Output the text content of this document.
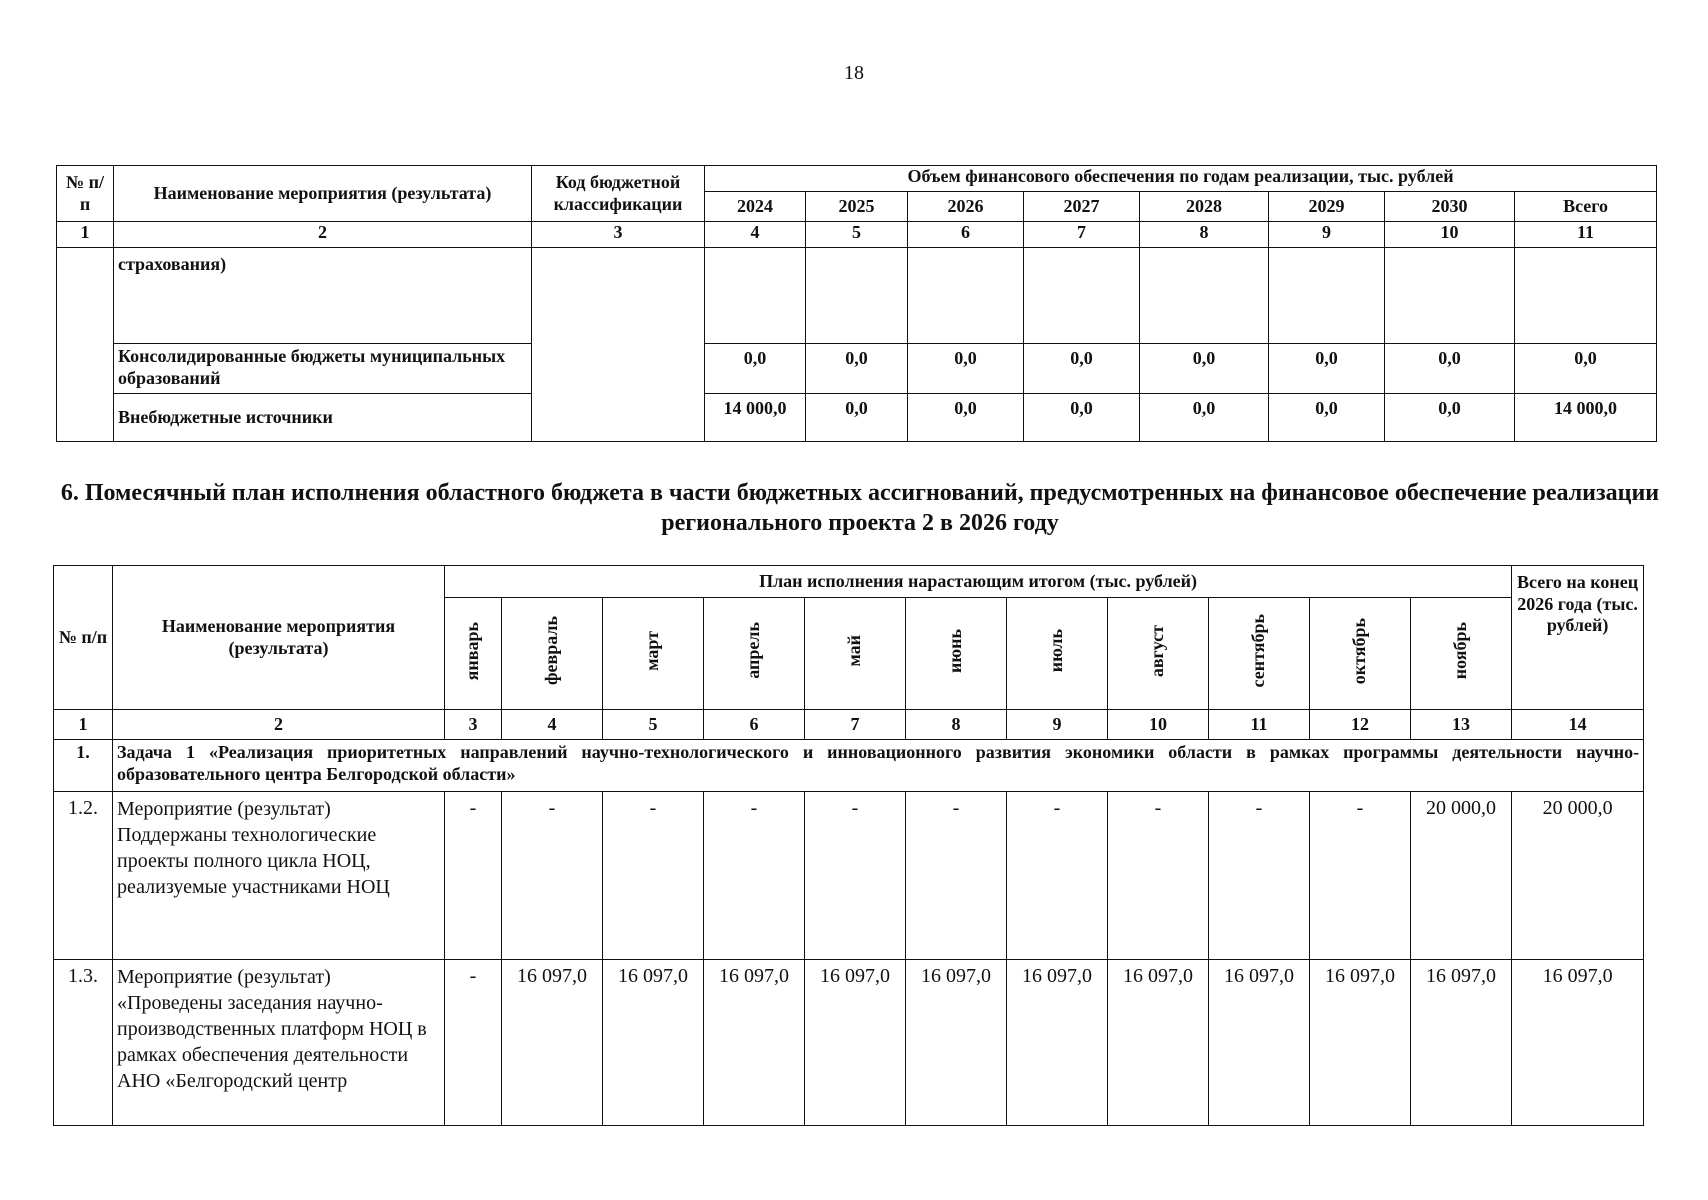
18
№ п/п	Наименование мероприятия (результата)	Код бюджетной классификации	Объем финансового обеспечения по годам реализации, тыс. рублей							
			2024	2025	2026	2027	2028	2029	2030	Всего
1	2	3	4	5	6	7	8	9	10	11
	страхования)									
	Консолидированные бюджеты муниципальных образований		0,0	0,0	0,0	0,0	0,0	0,0	0,0	0,0
	Внебюджетные источники		14 000,0	0,0	0,0	0,0	0,0	0,0	0,0	14 000,0
6. Помесячный план исполнения областного бюджета в части бюджетных ассигнований, предусмотренных на финансовое обеспечение реализации регионального проекта 2 в 2026 году
№ п/п	Наименование мероприятия (результата)	План исполнения нарастающим итогом (тыс. рублей)											Всего на конец 2026 года (тыс. рублей)
		январь	февраль	март	апрель	май	июнь	июль	август	сентябрь	октябрь	ноябрь	
1	2	3	4	5	6	7	8	9	10	11	12	13	14
1.	Задача 1 «Реализация приоритетных направлений научно-технологического и инновационного развития экономики области в рамках программы деятельности научно-образовательного центра Белгородской области»												
1.2.	Мероприятие (результат) Поддержаны технологические проекты полного цикла НОЦ, реализуемые участниками НОЦ	-	-	-	-	-	-	-	-	-	-	20 000,0	20 000,0
1.3.	Мероприятие (результат) «Проведены заседания научно-производственных платформ НОЦ в рамках обеспечения деятельности АНО «Белгородский центр	-	16 097,0	16 097,0	16 097,0	16 097,0	16 097,0	16 097,0	16 097,0	16 097,0	16 097,0	16 097,0	16 097,0
